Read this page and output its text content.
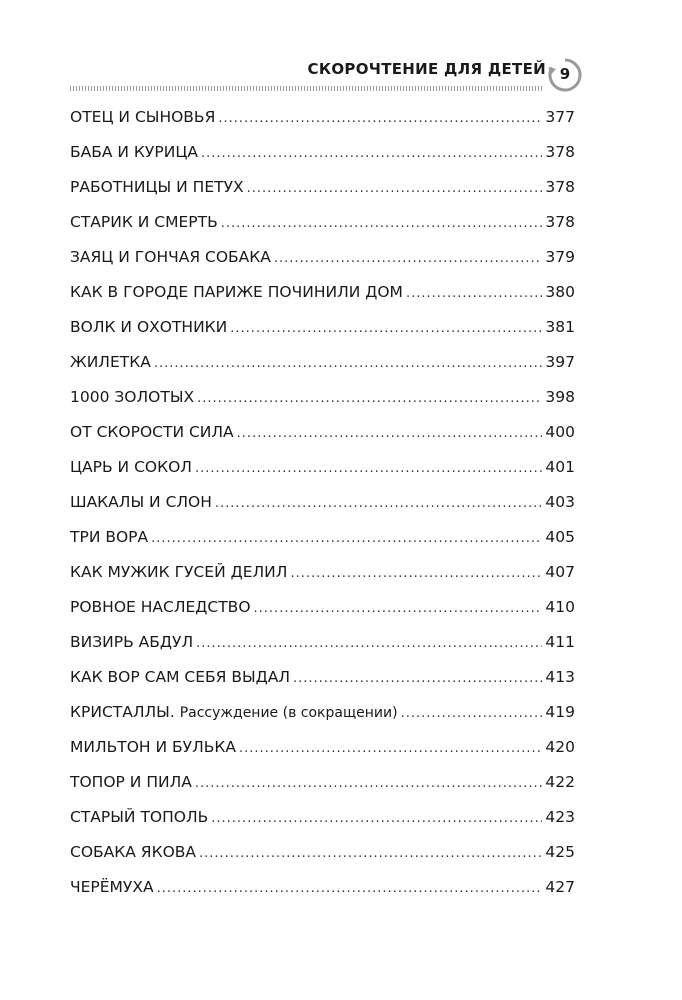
СКОРОЧТЕНИЕ ДЛЯ ДЕТЕЙ 9
ОТЕЦ И СЫНОВЬЯ .....	377
БАБА И КУРИЦА .....	378
РАБОТНИЦЫ И ПЕТУХ .....	378
СТАРИК И СМЕРТЬ .....	378
ЗАЯЦ И ГОНЧАЯ СОБАКА .....	379
КАК В ГОРОДЕ ПАРИЖЕ ПОЧИНИЛИ ДОМ .....	380
ВОЛК И ОХОТНИКИ .....	381
ЖИЛЕТКА .....	397
1000 ЗОЛОТЫХ .....	398
ОТ СКОРОСТИ СИЛА .....	400
ЦАРЬ И СОКОЛ .....	401
ШАКАЛЫ И СЛОН .....	403
ТРИ ВОРА .....	405
КАК МУЖИК ГУСЕЙ ДЕЛИЛ .....	407
РОВНОЕ НАСЛЕДСТВО .....	410
ВИЗИРЬ АБДУЛ .....	411
КАК ВОР САМ СЕБЯ ВЫДАЛ .....	413
КРИСТАЛЛЫ. Рассуждение (в сокращении) .....	419
МИЛЬТОН И БУЛЬКА .....	420
ТОПОР И ПИЛА .....	422
СТАРЫЙ ТОПОЛЬ .....	423
СОБАКА ЯКОВА .....	425
ЧЕРЁМУХА .....	427
